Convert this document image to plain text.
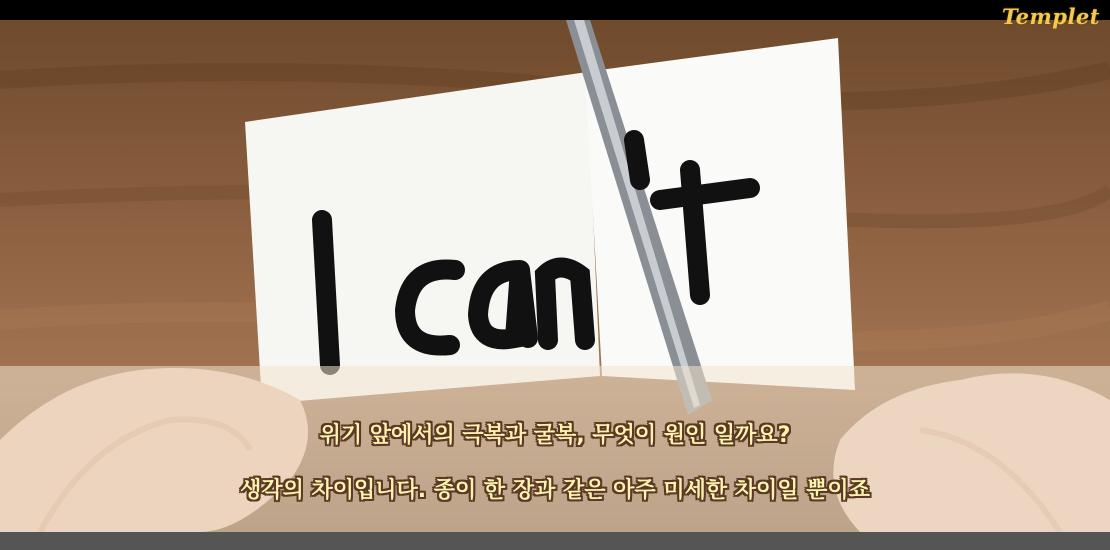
Templet
위기 앞에서의 극복과 굴복, 무엇이 원인 일까요?
생각의 차이입니다. 종이 한 장과 같은 아주 미세한 차이일 뿐이죠
